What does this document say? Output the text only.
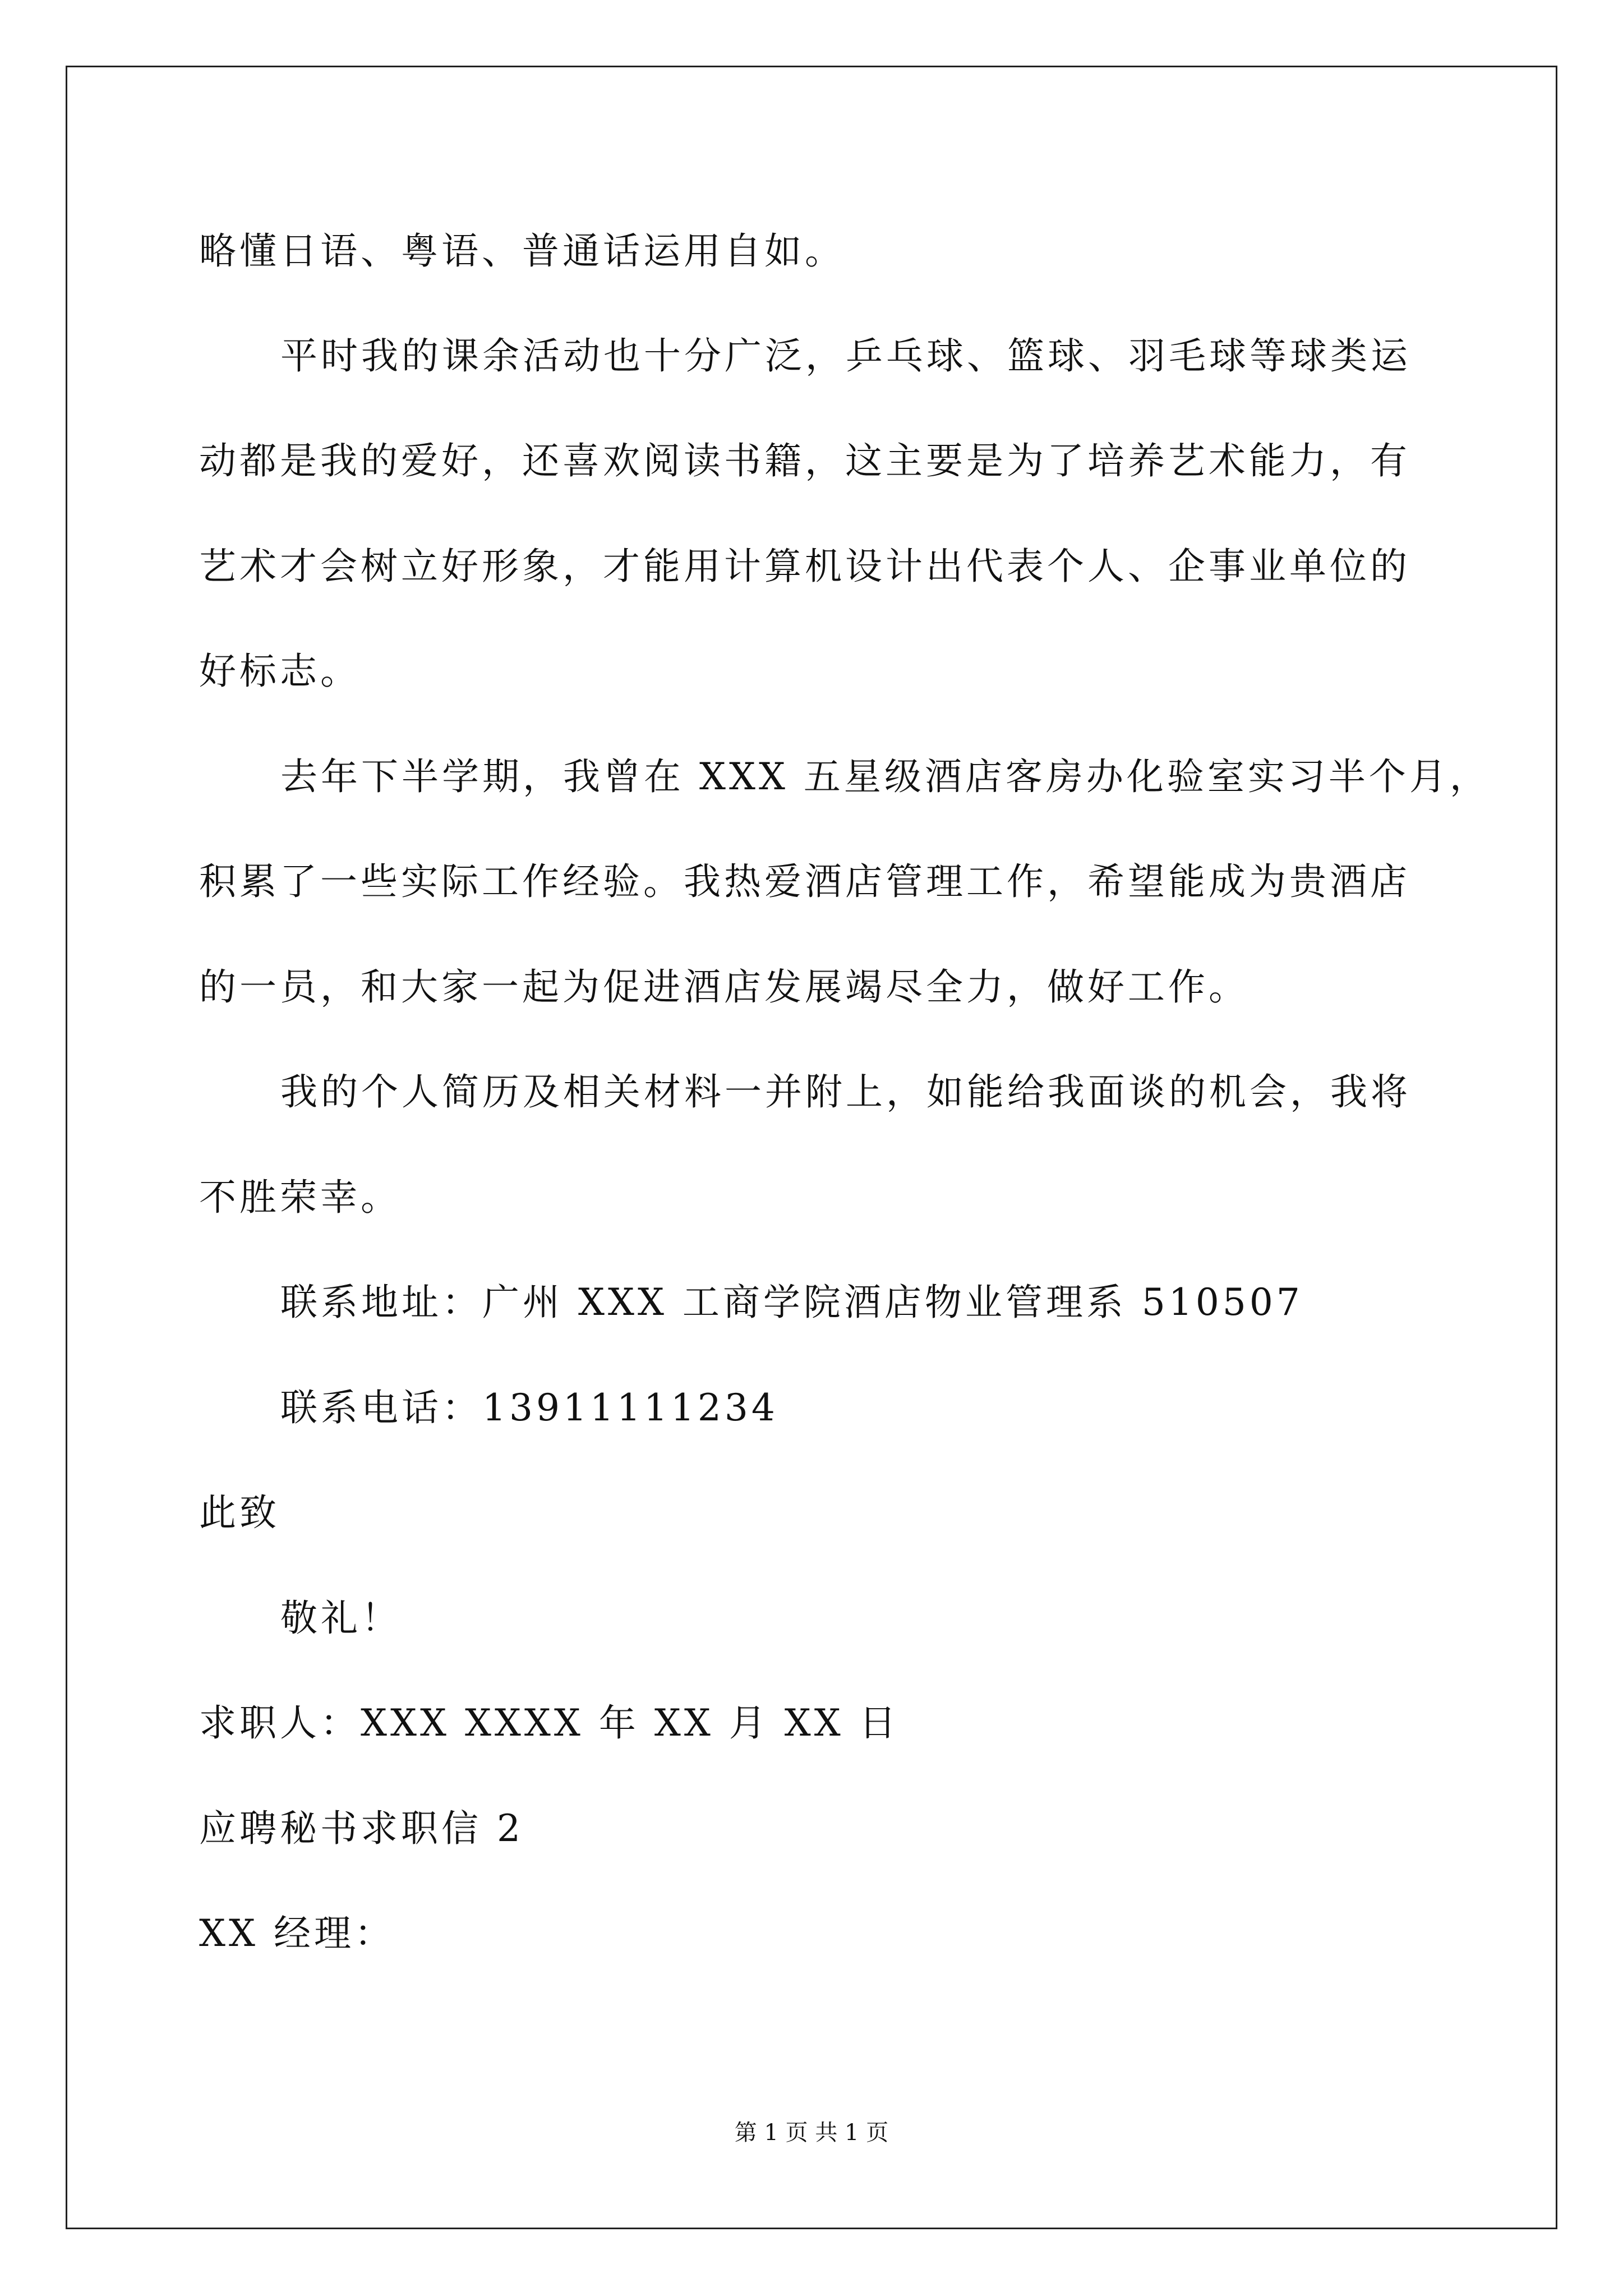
略懂日语、粤语、普通话运用自如。
平时我的课余活动也十分广泛，乒乓球、篮球、羽毛球等球类运
动都是我的爱好，还喜欢阅读书籍，这主要是为了培养艺术能力，有
艺术才会树立好形象，才能用计算机设计出代表个人、企事业单位的
好标志。
去年下半学期，我曾在 XXX 五星级酒店客房办化验室实习半个月，
积累了一些实际工作经验。我热爱酒店管理工作，希望能成为贵酒店
的一员，和大家一起为促进酒店发展竭尽全力，做好工作。
我的个人简历及相关材料一并附上，如能给我面谈的机会，我将
不胜荣幸。
联系地址：广州 XXX 工商学院酒店物业管理系 510507
联系电话：13911111234
此致
敬礼！
求职人：XXX XXXX 年 XX 月 XX 日
应聘秘书求职信 2
XX 经理：
第 1 页 共 1 页
